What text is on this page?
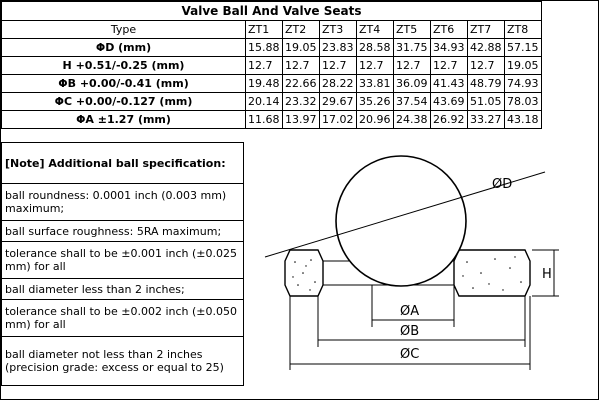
Valve Ball And Valve Seats								
Type	ZT1	ZT2	ZT3	ZT4	ZT5	ZT6	ZT7	ZT8
ΦD (mm)	15.88	19.05	23.83	28.58	31.75	34.93	42.88	57.15
H +0.51/-0.25 (mm)	12.7	12.7	12.7	12.7	12.7	12.7	12.7	19.05
ΦB +0.00/-0.41 (mm)	19.48	22.66	28.22	33.81	36.09	41.43	48.79	74.93
ΦC +0.00/-0.127 (mm)	20.14	23.32	29.67	35.26	37.54	43.69	51.05	78.03
ΦA ±1.27 (mm)	11.68	13.97	17.02	20.96	24.38	26.92	33.27	43.18
[Note] Additional ball specification:
ball roundness: 0.0001 inch (0.003 mm) maximum;
ball surface roughness: 5RA maximum;
tolerance shall to be ±0.001 inch (±0.025 mm) for all
ball diameter less than 2 inches;
tolerance shall to be ±0.002 inch (±0.050 mm) for all
ball diameter not less than 2 inches (precision grade: excess or equal to 25)
ØD
H
ØA
ØB
ØC
